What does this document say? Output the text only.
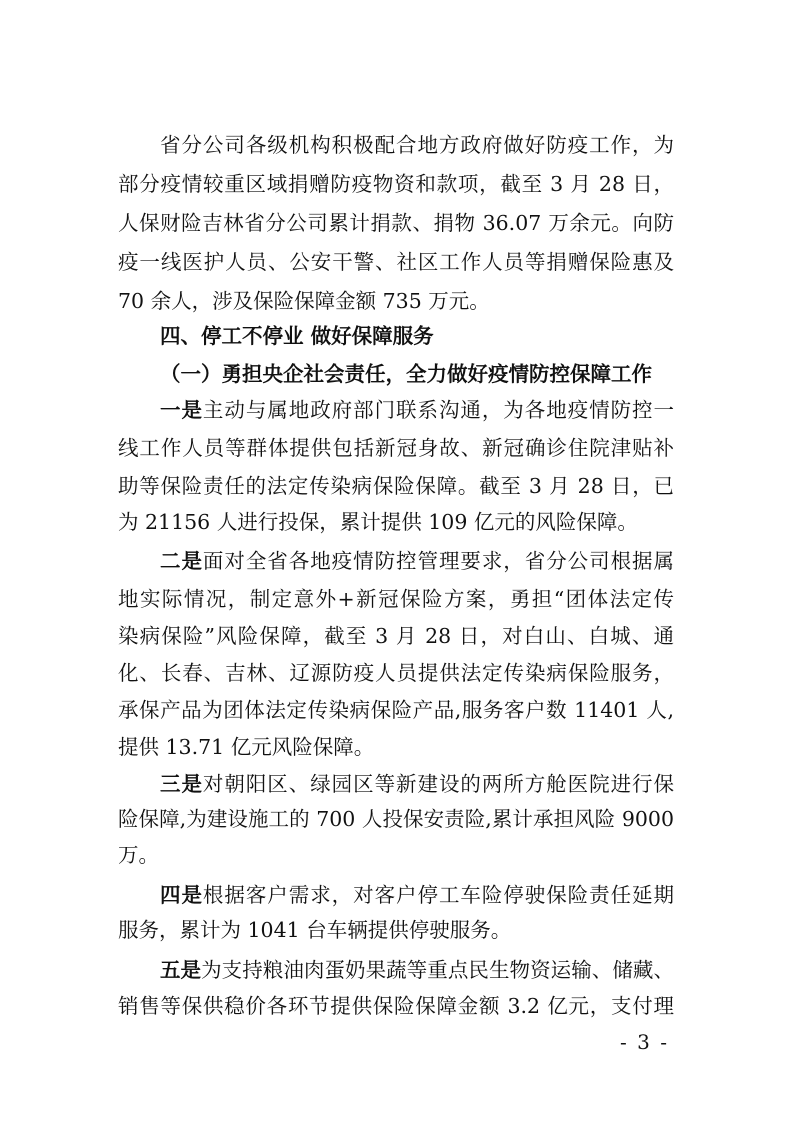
省分公司各级机构积极配合地方政府做好防疫工作，为
部分疫情较重区域捐赠防疫物资和款项，截至 3 月 28 日，
人保财险吉林省分公司累计捐款、捐物 36.07 万余元。向防
疫一线医护人员、公安干警、社区工作人员等捐赠保险惠及
70 余人，涉及保险保障金额 735 万元。
四、停工不停业 做好保障服务
（一）勇担央企社会责任，全力做好疫情防控保障工作
一是主动与属地政府部门联系沟通，为各地疫情防控一
线工作人员等群体提供包括新冠身故、新冠确诊住院津贴补
助等保险责任的法定传染病保险保障。截至 3 月 28 日，已
为 21156 人进行投保，累计提供 109 亿元的风险保障。
二是面对全省各地疫情防控管理要求，省分公司根据属
地实际情况，制定意外+新冠保险方案，勇担“团体法定传
染病保险”风险保障，截至 3 月 28 日，对白山、白城、通
化、长春、吉林、辽源防疫人员提供法定传染病保险服务，
承保产品为团体法定传染病保险产品,服务客户数 11401 人,
提供 13.71 亿元风险保障。
三是对朝阳区、绿园区等新建设的两所方舱医院进行保
险保障,为建设施工的 700 人投保安责险,累计承担风险 9000
万。
四是根据客户需求，对客户停工车险停驶保险责任延期
服务，累计为 1041 台车辆提供停驶服务。
五是为支持粮油肉蛋奶果蔬等重点民生物资运输、储藏、
销售等保供稳价各环节提供保险保障金额 3.2 亿元，支付理
- 3 -
